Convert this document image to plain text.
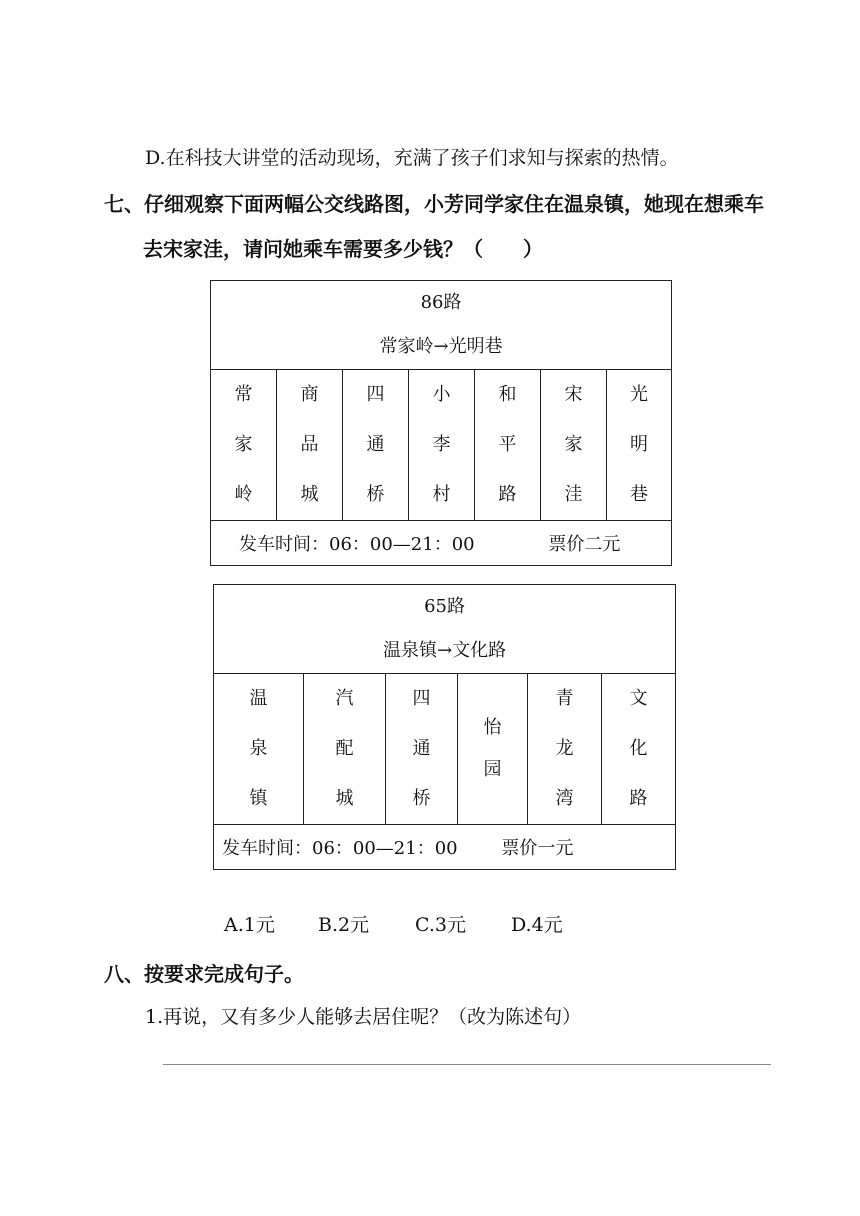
D.在科技大讲堂的活动现场，充满了孩子们求知与探索的热情。
七、仔细观察下面两幅公交线路图，小芳同学家住在温泉镇，她现在想乘车
去宋家洼，请问她乘车需要多少钱？（　　）
86路
常家岭→光明巷

常
家
岭

商
品
城

四
通
桥

小
李
村

和
平
路

宋
家
洼

光
明
巷

发车时间：06：00—21：00	票价二元
65路
温泉镇→文化路

温
泉
镇

汽
配
城

四
通
桥

怡
园

青
龙
湾

文
化
路

发车时间：06：00—21：00 票价一元
A.1元 B.2元 C.3元 D.4元
八、按要求完成句子。
1.再说，又有多少人能够去居住呢？（改为陈述句）
